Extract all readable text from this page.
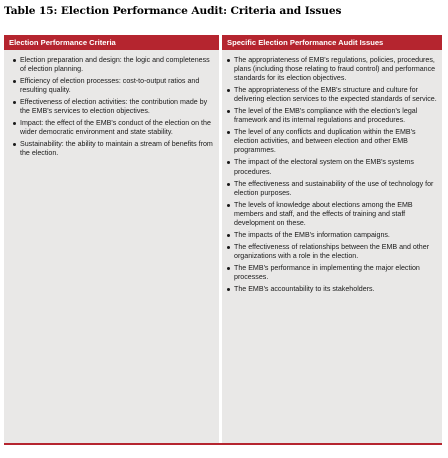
Table 15: Election Performance Audit: Criteria and Issues
Election Performance Criteria	Specific Election Performance Audit Issues
Election preparation and design: the logic and completeness of election planning.
Efficiency of election processes: cost-to-output ratios and resulting quality.
Effectiveness of election activities: the contribution made by the EMB's services to election objectives.
Impact: the effect of the EMB's conduct of the election on the wider democratic environment and state stability.
Sustainability: the ability to maintain a stream of benefits from the election.
The appropriateness of EMB's regulations, policies, procedures, plans (including those relating to fraud control) and performance standards for its election objectives.
The appropriateness of the EMB's structure and culture for delivering election services to the expected standards of service.
The level of the EMB's compliance with the election's legal framework and its internal regulations and procedures.
The level of any conflicts and duplication within the EMB's election activities, and between election and other EMB programmes.
The impact of the electoral system on the EMB's systems procedures.
The effectiveness and sustainability of the use of technology for election purposes.
The levels of knowledge about elections among the EMB members and staff, and the effects of training and staff development on these.
The impacts of the EMB's information campaigns.
The effectiveness of relationships between the EMB and other organizations with a role in the election.
The EMB's performance in implementing the major election processes.
The EMB's accountability to its stakeholders.
